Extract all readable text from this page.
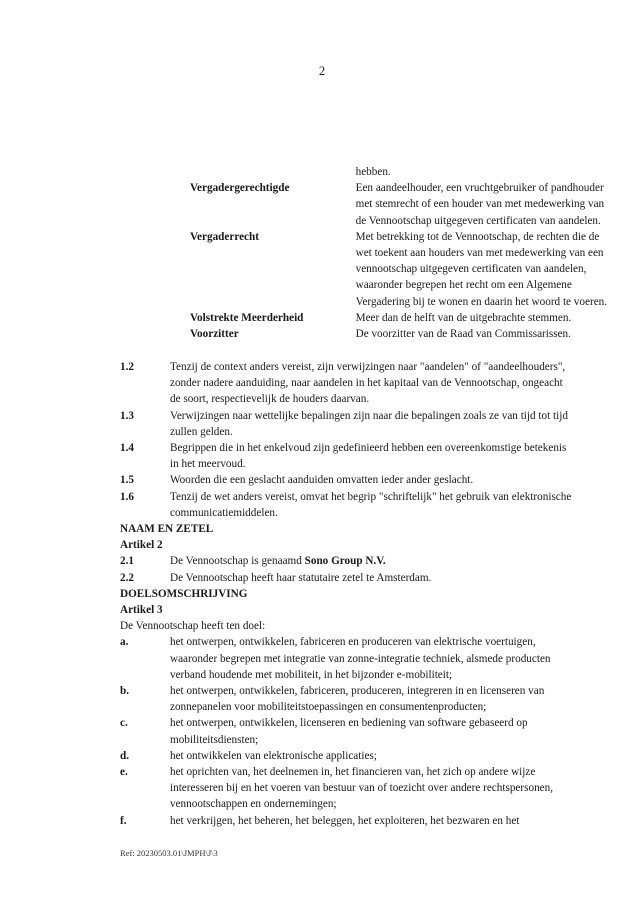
2
hebben.
Vergadergerechtigde	Een aandeelhouder, een vruchtgebruiker of pandhouder
met stemrecht of een houder van met medewerking van
de Vennootschap uitgegeven certificaten van aandelen.
Vergaderrecht	Met betrekking tot de Vennootschap, de rechten die de
wet toekent aan houders van met medewerking van een
vennootschap uitgegeven certificaten van aandelen,
waaronder begrepen het recht om een Algemene
Vergadering bij te wonen en daarin het woord te voeren.
Volstrekte Meerderheid	Meer dan de helft van de uitgebrachte stemmen.
Voorzitter	De voorzitter van de Raad van Commissarissen.
1.2	Tenzij de context anders vereist, zijn verwijzingen naar "aandelen" of "aandeelhouders",
zonder nadere aanduiding, naar aandelen in het kapitaal van de Vennootschap, ongeacht
de soort, respectievelijk de houders daarvan.
1.3	Verwijzingen naar wettelijke bepalingen zijn naar die bepalingen zoals ze van tijd tot tijd
zullen gelden.
1.4	Begrippen die in het enkelvoud zijn gedefinieerd hebben een overeenkomstige betekenis
in het meervoud.
1.5	Woorden die een geslacht aanduiden omvatten ieder ander geslacht.
1.6	Tenzij de wet anders vereist, omvat het begrip "schriftelijk" het gebruik van elektronische
communicatiemiddelen.
NAAM EN ZETEL
Artikel 2
2.1	De Vennootschap is genaamd Sono Group N.V.
2.2	De Vennootschap heeft haar statutaire zetel te Amsterdam.
DOELSOMSCHRIJVING
Artikel 3
De Vennootschap heeft ten doel:
a.	het ontwerpen, ontwikkelen, fabriceren en produceren van elektrische voertuigen,
waaronder begrepen met integratie van zonne-integratie techniek, alsmede producten
verband houdende met mobiliteit, in het bijzonder e-mobiliteit;
b.	het ontwerpen, ontwikkelen, fabriceren, produceren, integreren in en licenseren van
zonnepanelen voor mobiliteitstoepassingen en consumentenproducten;
c.	het ontwerpen, ontwikkelen, licenseren en bediening van software gebaseerd op
mobiliteitsdiensten;
d.	het ontwikkelen van elektronische applicaties;
e.	het oprichten van, het deelnemen in, het financieren van, het zich op andere wijze
interesseren bij en het voeren van bestuur van of toezicht over andere rechtspersonen,
vennootschappen en ondernemingen;
f.	het verkrijgen, het beheren, het beleggen, het exploiteren, het bezwaren en het
Ref: 20230503.01\JMPH\J\3
